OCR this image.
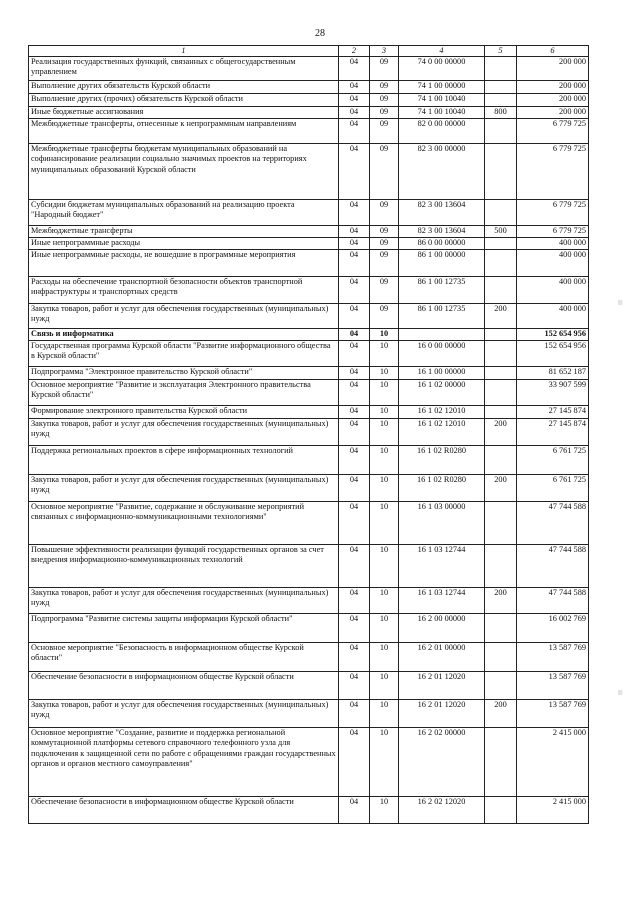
28
1	2	3	4	5	6
Реализация государственных функций, связанных с общегосударственным управлением	04	09	74 0 00 00000		200 000
Выполнение других обязательств Курской области	04	09	74 1 00 00000		200 000
Выполнение других (прочих) обязательств Курской области	04	09	74 1 00 10040		200 000
Иные бюджетные ассигнования	04	09	74 1 00 10040	800	200 000
Межбюджетные трансферты, отнесенные к непрограммным направлениям	04	09	82 0 00 00000		6 779 725
Межбюджетные трансферты бюджетам муниципальных образований на софинансирование реализации социально значимых проектов на территориях муниципальных образований Курской области	04	09	82 3 00 00000		6 779 725
Субсидии бюджетам муниципальных образований на реализацию проекта "Народный бюджет"	04	09	82 3 00 13604		6 779 725
Межбюджетные трансферты	04	09	82 3 00 13604	500	6 779 725
Иные непрограммные расходы	04	09	86 0 00 00000		400 000
Иные непрограммные расходы, не вошедшие в программные мероприятия	04	09	86 1 00 00000		400 000
Расходы на обеспечение транспортной безопасности объектов транспортной инфраструктуры и транспортных средств	04	09	86 1 00 12735		400 000
Закупка товаров, работ и услуг для обеспечения государственных (муниципальных) нужд	04	09	86 1 00 12735	200	400 000
Связь и информатика	04	10			152 654 956
Государственная программа Курской области "Развитие информационного общества в Курской области"	04	10	16 0 00 00000		152 654 956
Подпрограмма "Электронное правительство Курской области"	04	10	16 1 00 00000		81 652 187
Основное мероприятие "Развитие и эксплуатация Электронного правительства Курской области"	04	10	16 1 02 00000		33 907 599
Формирование электронного правительства Курской области	04	10	16 1 02 12010		27 145 874
Закупка товаров, работ и услуг для обеспечения государственных (муниципальных) нужд	04	10	16 1 02 12010	200	27 145 874
Поддержка региональных проектов в сфере информационных технологий	04	10	16 1 02 R0280		6 761 725
Закупка товаров, работ и услуг для обеспечения государственных (муниципальных) нужд	04	10	16 1 02 R0280	200	6 761 725
Основное мероприятие "Развитие, содержание и обслуживание мероприятий связанных с информационно-коммуникационными технологиями"	04	10	16 1 03 00000		47 744 588
Повышение эффективности реализации функций государственных органов за счет внедрения информационно-коммуникационных технологий	04	10	16 1 03 12744		47 744 588
Закупка товаров, работ и услуг для обеспечения государственных (муниципальных) нужд	04	10	16 1 03 12744	200	47 744 588
Подпрограмма "Развитие системы защиты информации Курской области"	04	10	16 2 00 00000		16 002 769
Основное мероприятие "Безопасность в информационном обществе Курской области"	04	10	16 2 01 00000		13 587 769
Обеспечение безопасности в информационном обществе Курской области	04	10	16 2 01 12020		13 587 769
Закупка товаров, работ и услуг для обеспечения государственных (муниципальных) нужд	04	10	16 2 01 12020	200	13 587 769
Основное мероприятие "Создание, развитие и поддержка региональной коммутационной платформы сетевого справочного телефонного узла для подключения к защищенной сети по работе с обращениями граждан государственных органов и органов местного самоуправления"	04	10	16 2 02 00000		2 415 000
Обеспечение безопасности в информационном обществе Курской области	04	10	16 2 02 12020		2 415 000
|||||
|||||
